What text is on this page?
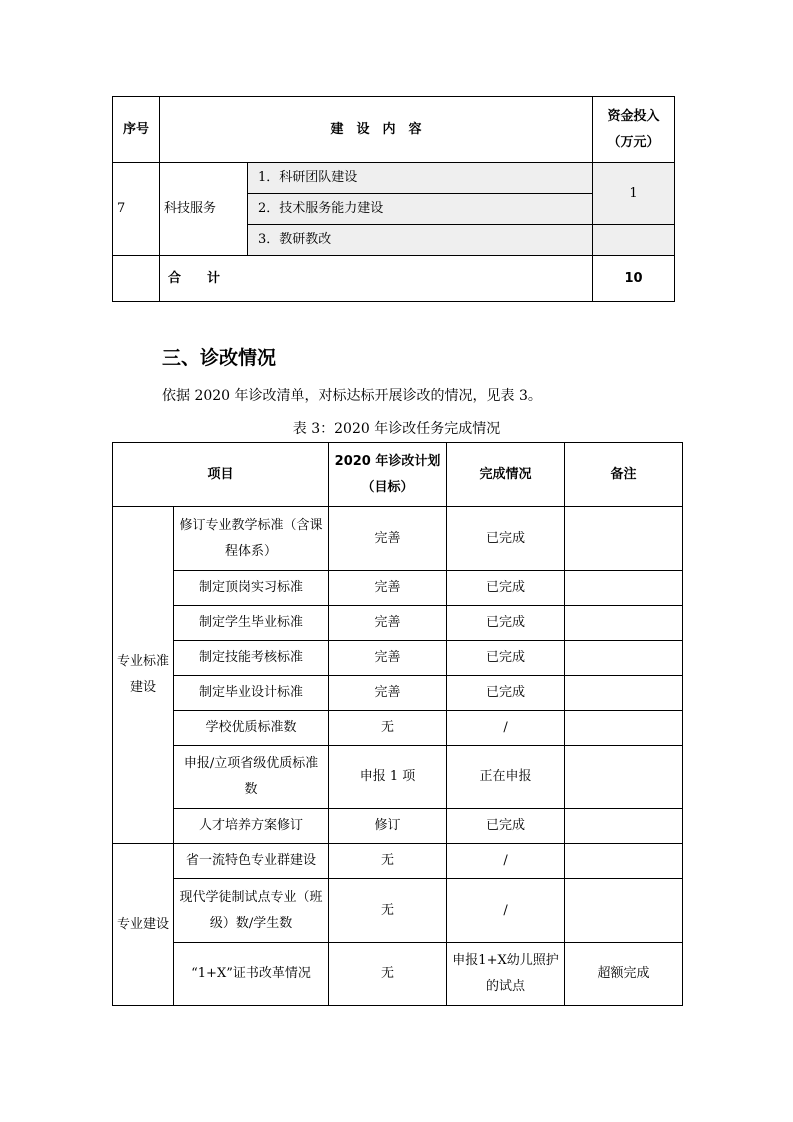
序号	建　设　内　容		资金投入（万元）
7	科技服务	1．科研团队建设	1
		2．技术服务能力建设	
		3．教研教改	
	合　　计		10
三、诊改情况

依据 2020 年诊改清单，对标达标开展诊改的情况，见表 3。

表 3：2020 年诊改任务完成情况

项目		2020 年诊改计划（目标）	完成情况	备注
专业标准建设	修订专业教学标准（含课程体系）	完善	已完成	
	制定顶岗实习标准	完善	已完成	
	制定学生毕业标准	完善	已完成	
	制定技能考核标准	完善	已完成	
	制定毕业设计标准	完善	已完成	
	学校优质标准数	无	/	
	申报/立项省级优质标准数	申报 1 项	正在申报	
	人才培养方案修订	修订	已完成	
专业建设	省一流特色专业群建设	无	/	
	现代学徒制试点专业（班级）数/学生数	无	/	
	“1+X”证书改革情况	无	申报1+X幼儿照护的试点	超额完成
